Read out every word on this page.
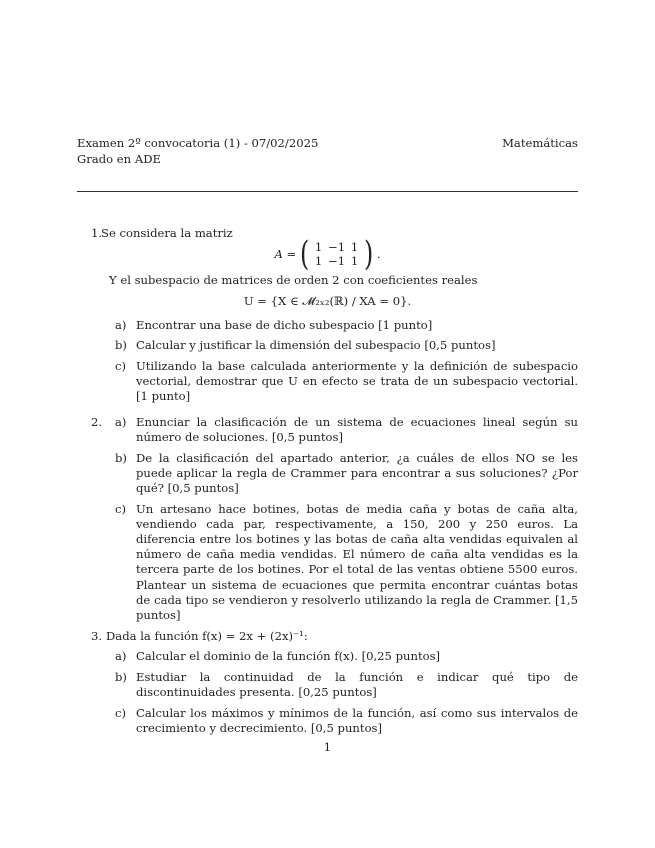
Examen 2º convocatoria (1) - 07/02/2025	Matemáticas
Grado en ADE
1.
Se considera la matriz
A = ( 1 −1 1
1 −1 1 ) .
Y el subespacio de matrices de orden 2 con coeficientes reales
U = {X ∈ 𝓜₂ₓ₂(ℝ) / XA = 0}.
a) Encontrar una base de dicho subespacio [1 punto]
b) Calcular y justificar la dimensión del subespacio [0,5 puntos]
c) Utilizando la base calculada anteriormente y la definición de subespacio vectorial, demostrar que U en efecto se trata de un subespacio vectorial. [1 punto]
2. a) Enunciar la clasificación de un sistema de ecuaciones lineal según su número de soluciones. [0,5 puntos]
b) De la clasificación del apartado anterior, ¿a cuáles de ellos NO se les puede aplicar la regla de Crammer para encontrar a sus soluciones? ¿Por qué? [0,5 puntos]
c) Un artesano hace botines, botas de media caña y botas de caña alta, vendiendo cada par, respectivamente, a 150, 200 y 250 euros. La diferencia entre los botines y las botas de caña alta vendidas equivalen al número de caña media vendidas. El número de caña alta vendidas es la tercera parte de los botines. Por el total de las ventas obtiene 5500 euros. Plantear un sistema de ecuaciones que permita encontrar cuántas botas de cada tipo se vendieron y resolverlo utilizando la regla de Crammer. [1,5 puntos]
3. Dada la función f(x) = 2x + (2x)⁻¹:
a) Calcular el dominio de la función f(x). [0,25 puntos]
b) Estudiar la continuidad de la función e indicar qué tipo de discontinuidades presenta. [0,25 puntos]
c) Calcular los máximos y mínimos de la función, así como sus intervalos de crecimiento y decrecimiento. [0,5 puntos]
1
